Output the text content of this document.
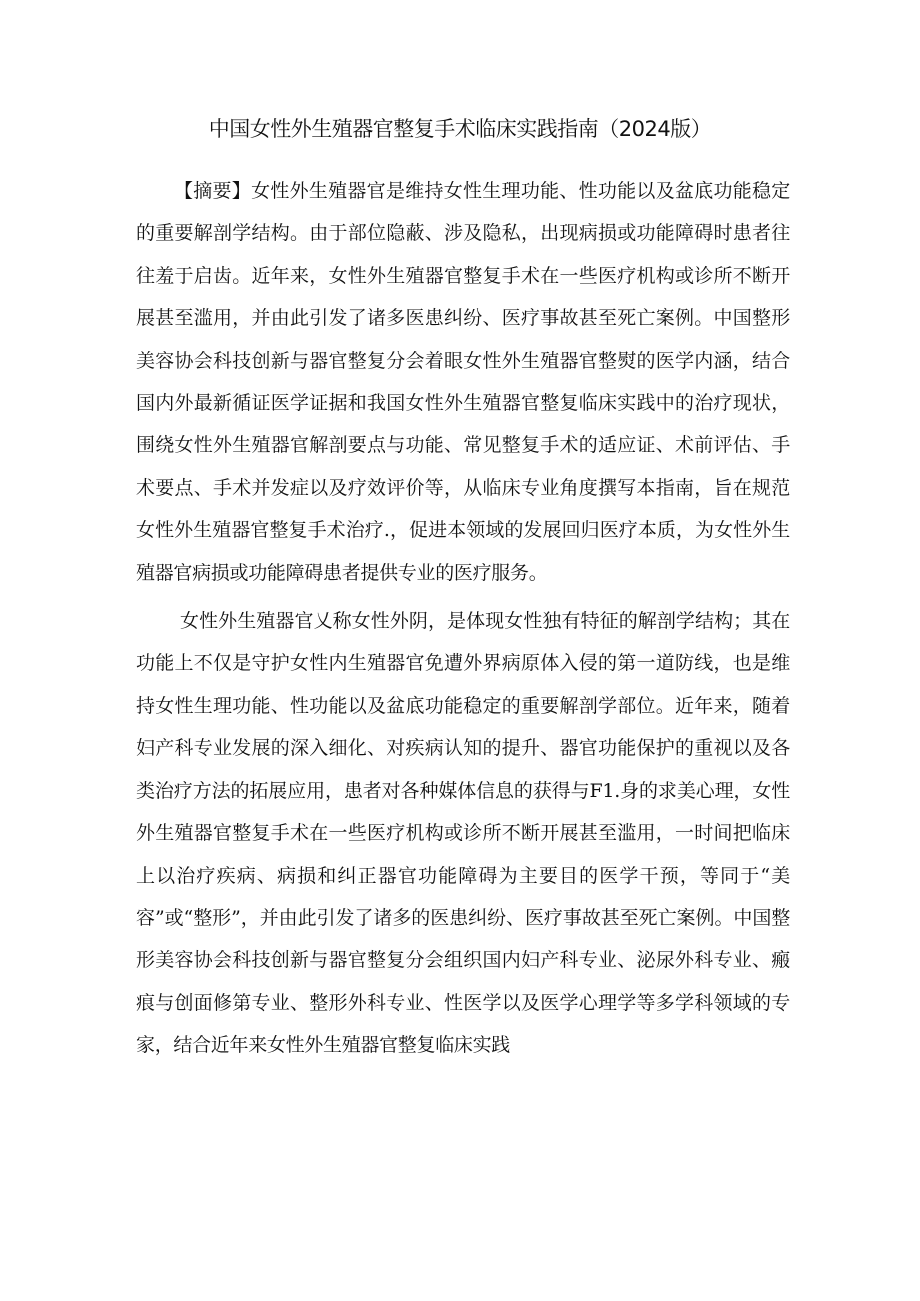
中国女性外生殖器官整复手术临床实践指南（2024版）

【摘要】女性外生殖器官是维持女性生理功能、性功能以及盆底功能稳定的重要解剖学结构。由于部位隐蔽、涉及隐私，出现病损或功能障碍时患者往往羞于启齿。近年来，女性外生殖器官整复手术在一些医疗机构或诊所不断开展甚至滥用，并由此引发了诸多医患纠纷、医疗事故甚至死亡案例。中国整形美容协会科技创新与器官整复分会着眼女性外生殖器官整熨的医学内涵，结合国内外最新循证医学证据和我国女性外生殖器官整复临床实践中的治疗现状，围绕女性外生殖器官解剖要点与功能、常见整复手术的适应证、术前评估、手术要点、手术并发症以及疗效评价等，从临床专业角度撰写本指南，旨在规范女性外生殖器官整复手术治疗.，促进本领域的发展回归医疗本质，为女性外生殖器官病损或功能障碍患者提供专业的医疗服务。

女性外生殖器官乂称女性外阴，是体现女性独有特征的解剖学结构；其在功能上不仅是守护女性内生殖器官免遭外界病原体入侵的第一道防线，也是维持女性生理功能、性功能以及盆底功能稳定的重要解剖学部位。近年来，随着妇产科专业发展的深入细化、对疾病认知的提升、器官功能保护的重视以及各类治疗方法的拓展应用，患者对各种媒体信息的获得与F1.身的求美心理，女性外生殖器官整复手术在一些医疗机构或诊所不断开展甚至滥用，一时间把临床上以治疗疾病、病损和纠正器官功能障碍为主要目的医学干预，等同于“美容”或“整形”，并由此引发了诸多的医患纠纷、医疗事故甚至死亡案例。中国整形美容协会科技创新与器官整复分会组织国内妇产科专业、泌尿外科专业、瘢痕与创面修第专业、整形外科专业、性医学以及医学心理学等多学科领域的专家，结合近年来女性外生殖器官整复临床实践
